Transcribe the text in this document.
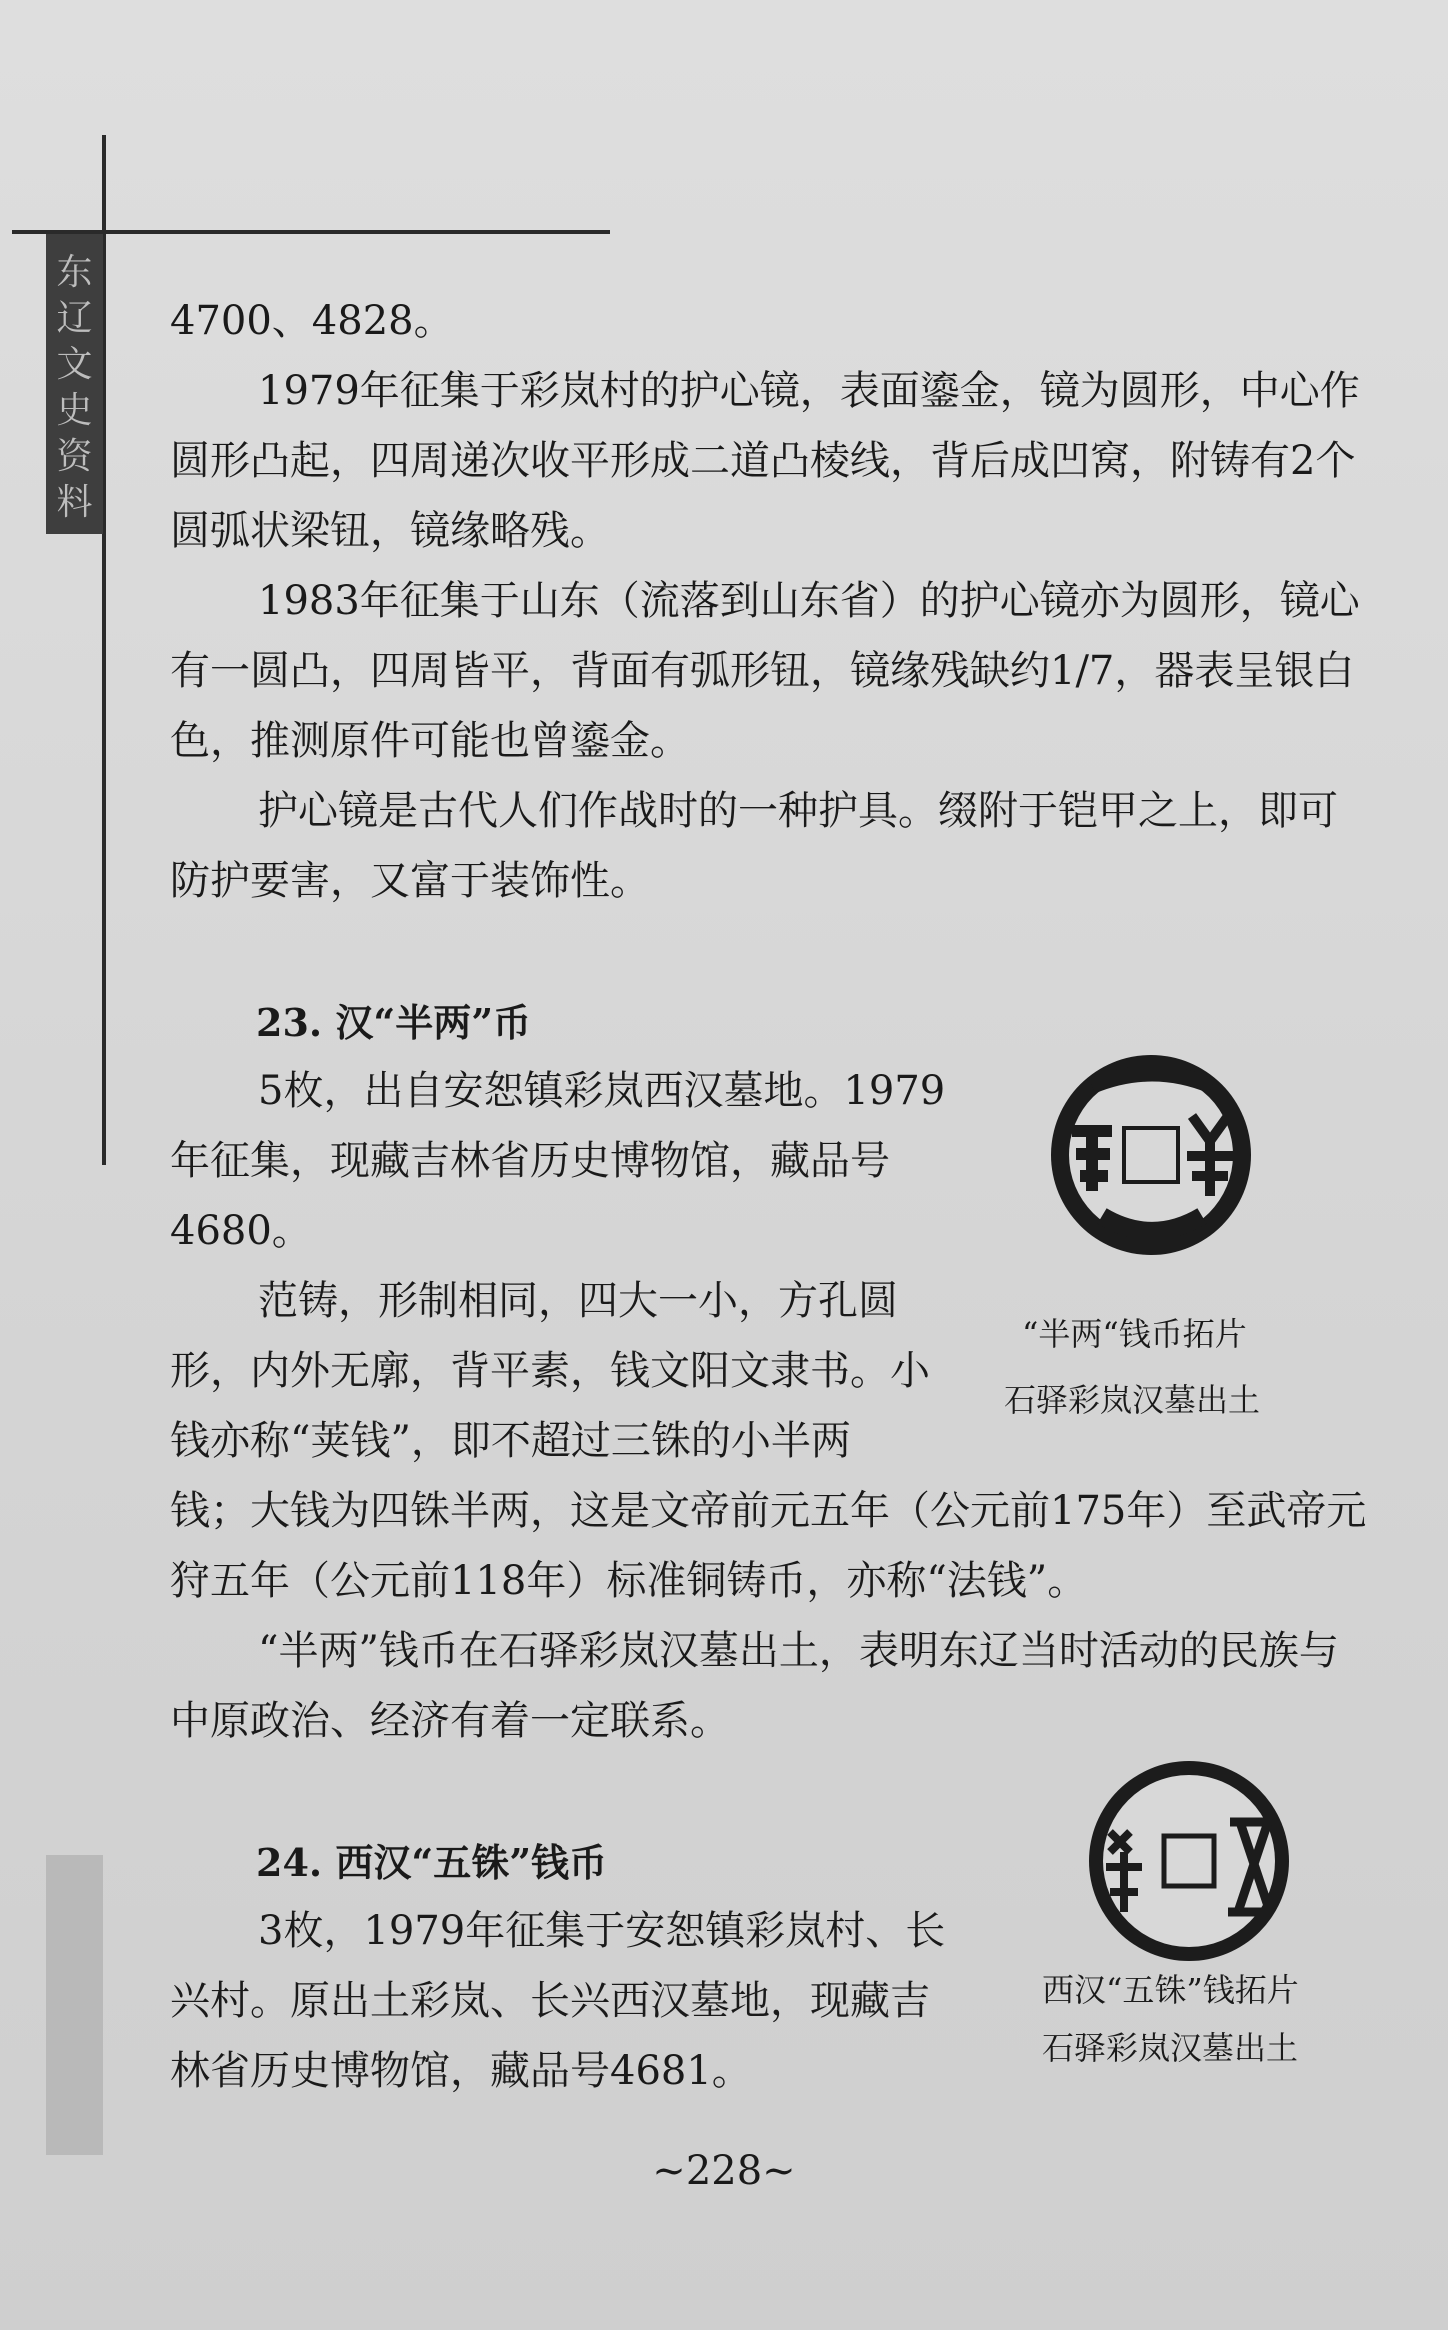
东
辽
文
史
资
料

4700、4828。

1979年征集于彩岚村的护心镜，表面鎏金，镜为圆形，中心作圆形凸起，四周递次收平形成二道凸棱线，背后成凹窝，附铸有2个圆弧状梁钮，镜缘略残。

1983年征集于山东（流落到山东省）的护心镜亦为圆形，镜心有一圆凸，四周皆平，背面有弧形钮，镜缘残缺约1/7，器表呈银白色，推测原件可能也曾鎏金。

护心镜是古代人们作战时的一种护具。缀附于铠甲之上，即可防护要害，又富于装饰性。

23. 汉“半两”币

5枚，出自安恕镇彩岚西汉墓地。1979年征集，现藏吉林省历史博物馆，藏品号4680。

范铸，形制相同，四大一小，方孔圆形，内外无廓，背平素，钱文阳文隶书。小钱亦称“荚钱”，即不超过三铢的小半两

钱；大钱为四铢半两，这是文帝前元五年（公元前175年）至武帝元狩五年（公元前118年）标准铜铸币，亦称“法钱”。

“半两”钱币在石驿彩岚汉墓出土，表明东辽当时活动的民族与中原政治、经济有着一定联系。

“半两“钱币拓片
石驿彩岚汉墓出土
24. 西汉“五铢”钱币

3枚，1979年征集于安恕镇彩岚村、长兴村。原出土彩岚、长兴西汉墓地，现藏吉林省历史博物馆，藏品号4681。

西汉“五铢”钱拓片
石驿彩岚汉墓出土
~228~
